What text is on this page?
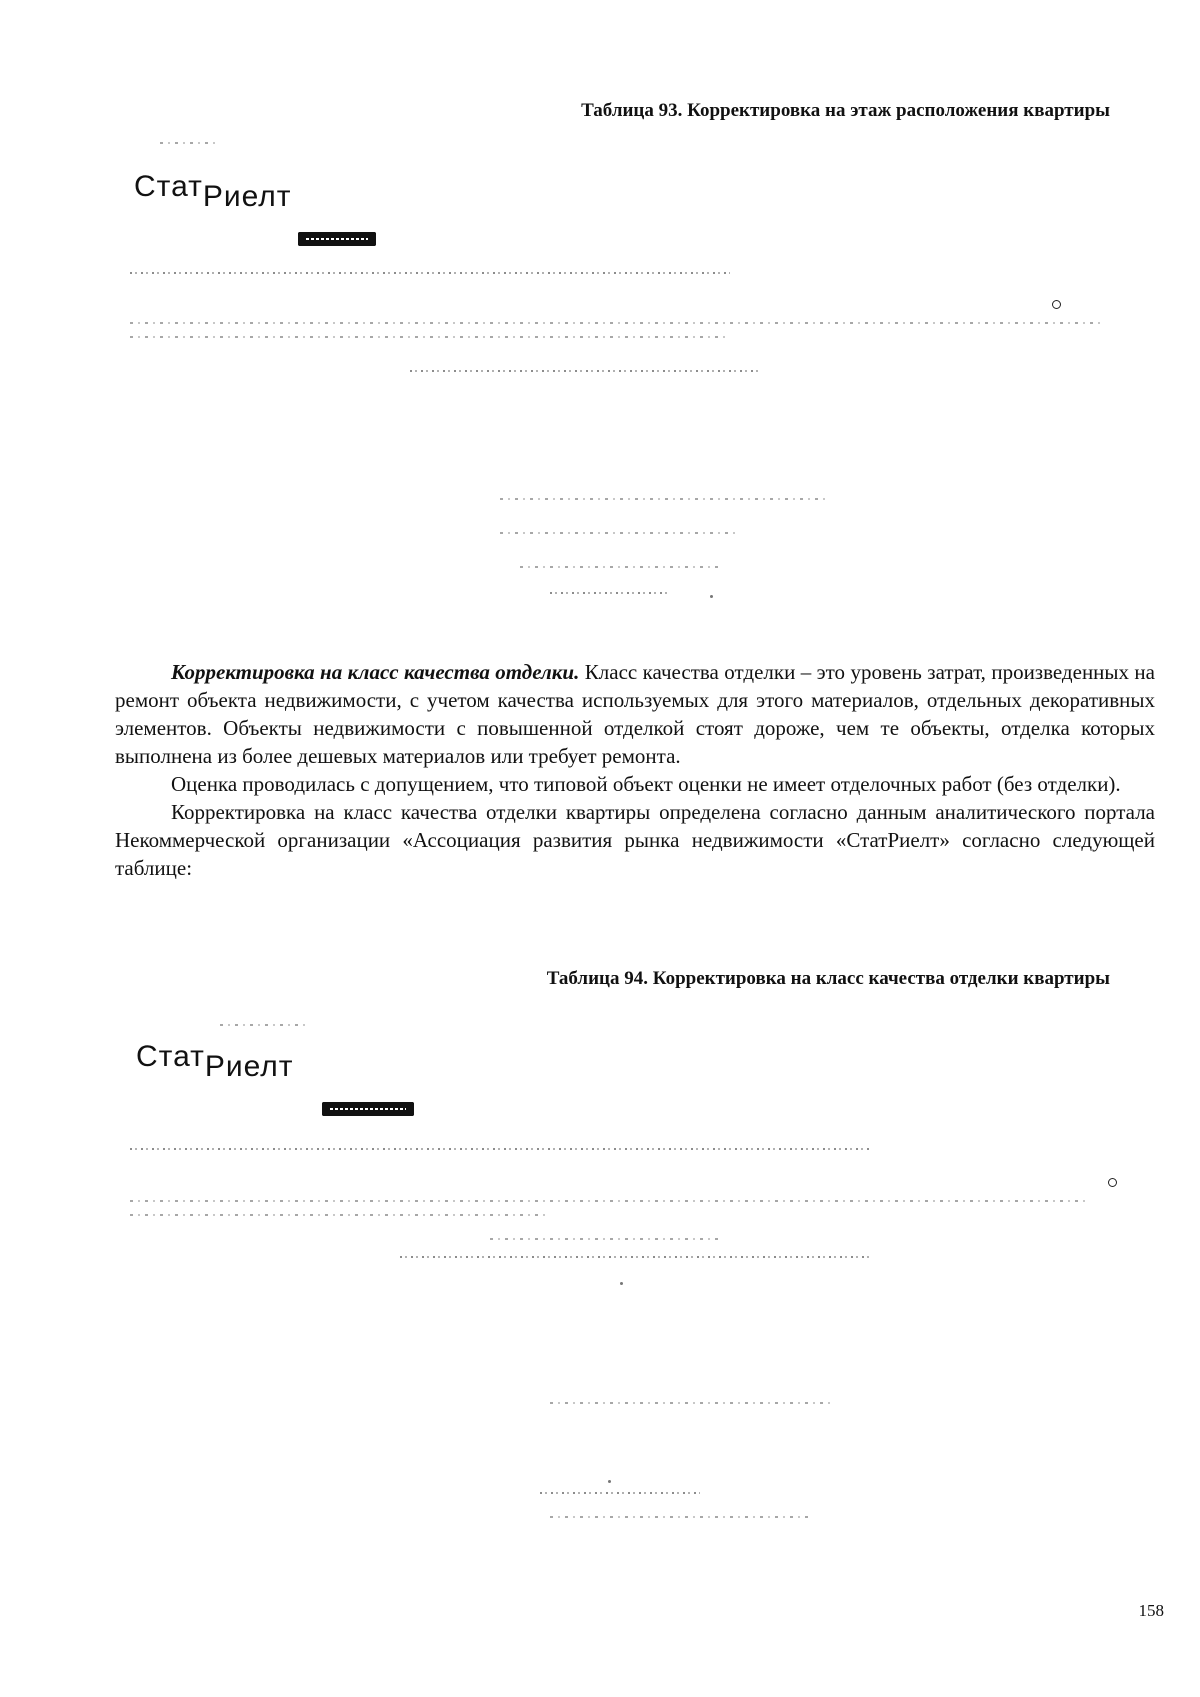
Таблица 93. Корректировка на этаж расположения квартиры
СтатРиелт

Корректировка на класс качества отделки. Класс качества отделки – это уровень затрат, произведенных на ремонт объекта недвижимости, с учетом качества используемых для этого материалов, отдельных декоративных элементов. Объекты недвижимости с повышенной отделкой стоят дороже, чем те объекты, отделка которых выполнена из более дешевых материалов или требует ремонта.

Оценка проводилась с допущением, что типовой объект оценки не имеет отделочных работ (без отделки).

Корректировка на класс качества отделки квартиры определена согласно данным аналитического портала Некоммерческой организации «Ассоциация развития рынка недвижимости «СтатРиелт» согласно следующей таблице:

Таблица 94. Корректировка на класс качества отделки квартиры
СтатРиелт
158
